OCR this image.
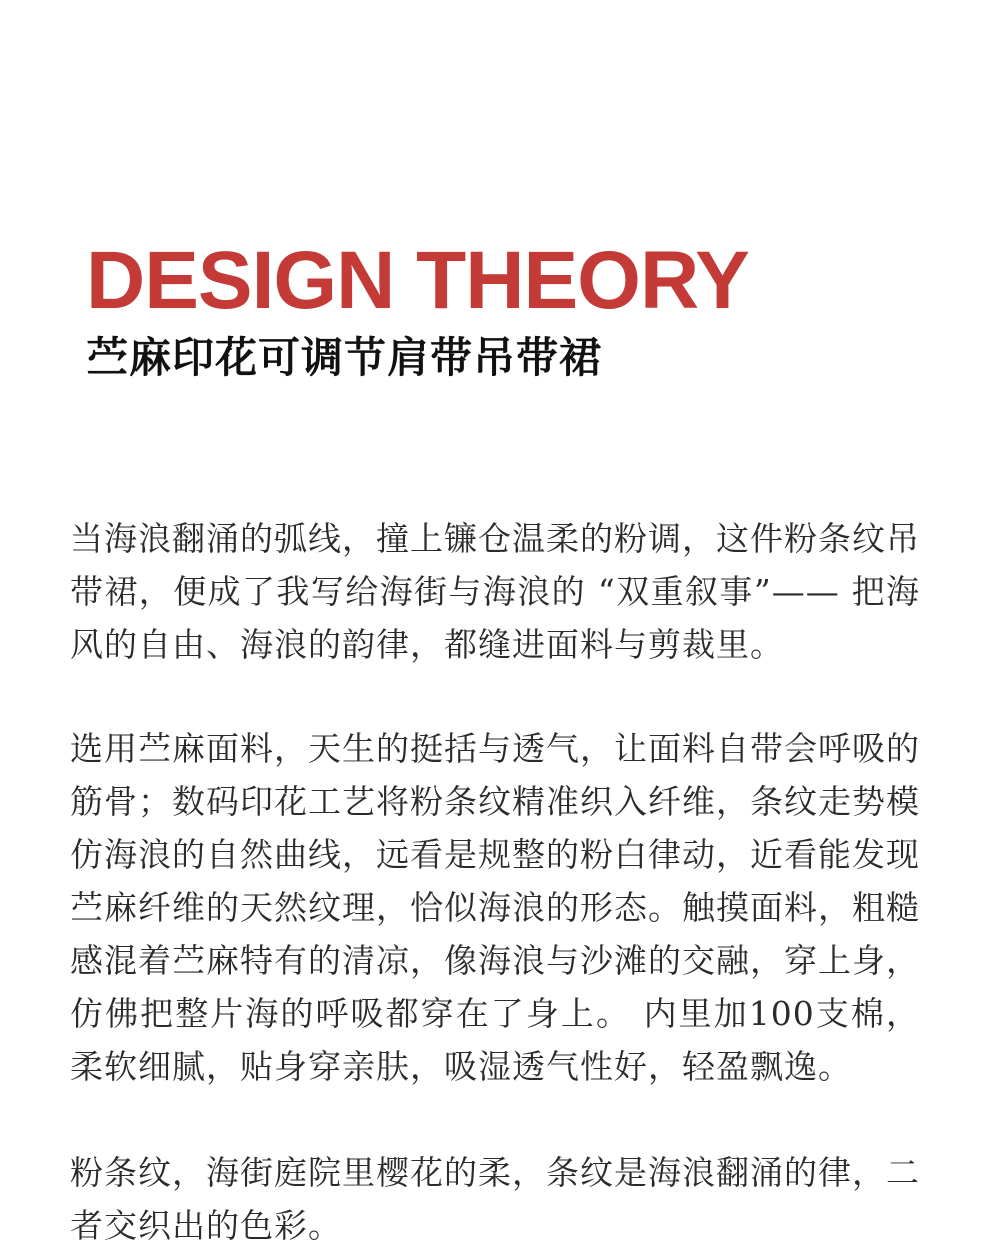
DESIGN THEORY
苎麻印花可调节肩带吊带裙

当海浪翻涌的弧线，撞上镰仓温柔的粉调，这件粉条纹吊带裙，便成了我写给海街与海浪的 “双重叙事”—— 把海风的自由、海浪的韵律，都缝进面料与剪裁里。

选用苎麻面料，天生的挺括与透气，让面料自带会呼吸的筋骨；数码印花工艺将粉条纹精准织入纤维，条纹走势模仿海浪的自然曲线，远看是规整的粉白律动，近看能发现苎麻纤维的天然纹理，恰似海浪的形态。触摸面料，粗糙感混着苎麻特有的清凉，像海浪与沙滩的交融，穿上身，仿佛把整片海的呼吸都穿在了身上。 内里加100支棉，柔软细腻，贴身穿亲肤，吸湿透气性好，轻盈飘逸。

粉条纹，海街庭院里樱花的柔，条纹是海浪翻涌的律，二者交织出的色彩。
